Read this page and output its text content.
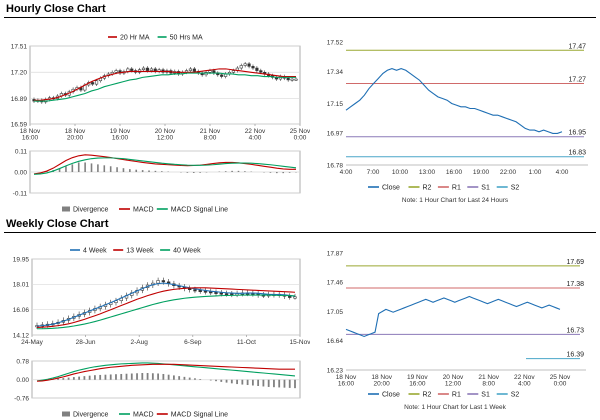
Hourly Close Chart
16.59
16.89
17.20
17.51
18 Nov
16:00
18 Nov
20:00
19 Nov
16:00
20 Nov
12:00
21 Nov
8:00
22 Nov
4:00
25 Nov
0:00
20 Hr MA	50 Hrs MA
-0.11
0.00
0.11
Divergence	MACD MACD Signal Line
16.78
16.97
17.15
17.34
17.52
4:00 7:00 10:00 13:00 16:00 19:00 22:00 1:00 4:00
17.47
17.27
16.95
16.83
Close	R2	R1	S1	S2
Note: 1 Hour Chart for Last 24 Hours
Weekly Close Chart
14.12
16.06
18.01
19.95
24-May	28-Jun	2-Aug	6-Sep	11-Oct	15-Nov
4 Week	13 Week	40 Week
-0.76
0.00
0.78
Divergence	MACD MACD Signal Line
16.23
16.64
17.05
17.46
17.87
18 Nov
16:00
18 Nov
20:00
19 Nov
16:00
20 Nov
12:00
21 Nov
8:00
22 Nov
4:00
25 Nov
0:00
17.69
17.38
16.73
16.39
Close	R2	R1	S1	S2
Note: 1 Hour Chart for Last 1 Week
